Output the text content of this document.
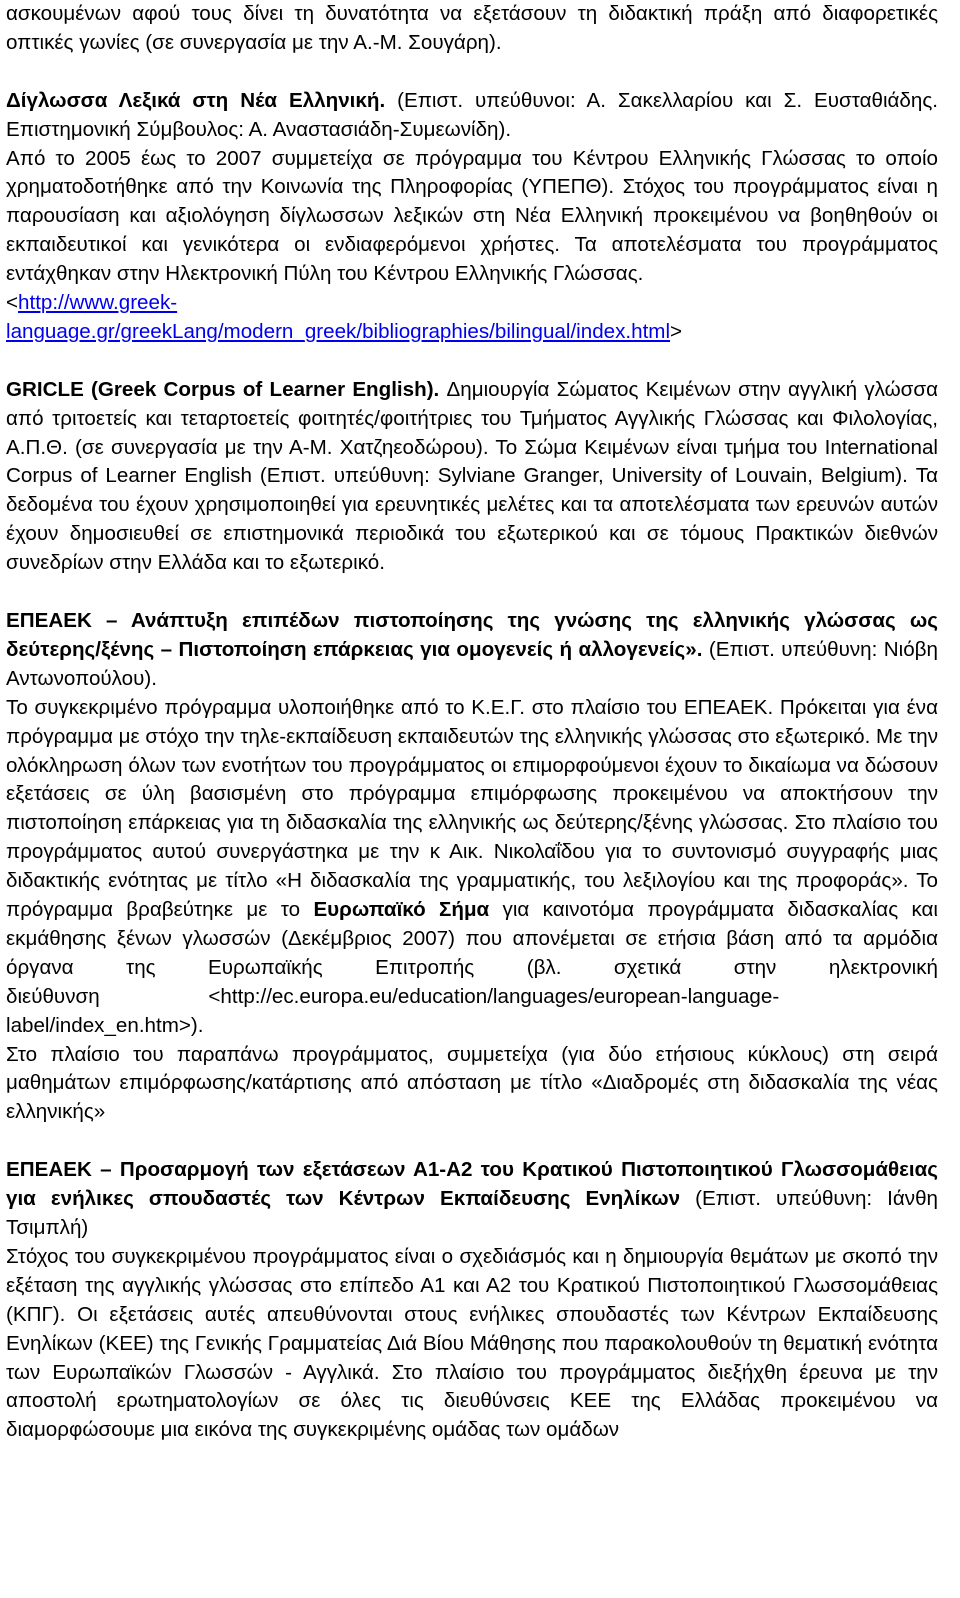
ασκουμένων αφού τους δίνει τη δυνατότητα να εξετάσουν τη διδακτική πράξη από διαφορετικές οπτικές γωνίες (σε συνεργασία με την Α.-Μ. Σουγάρη).

Δίγλωσσα Λεξικά στη Νέα Ελληνική. (Επιστ. υπεύθυνοι: Α. Σακελλαρίου και Σ. Ευσταθιάδης. Επιστημονική Σύμβουλος: Α. Αναστασιάδη-Συμεωνίδη).

Από το 2005 έως το 2007 συμμετείχα σε πρόγραμμα του Κέντρου Ελληνικής Γλώσσας το οποίο χρηματοδοτήθηκε από την Κοινωνία της Πληροφορίας (ΥΠΕΠΘ). Στόχος του προγράμματος είναι η παρουσίαση και αξιολόγηση δίγλωσσων λεξικών στη Νέα Ελληνική προκειμένου να βοηθηθούν οι εκπαιδευτικοί και γενικότερα οι ενδιαφερόμενοι χρήστες. Τα αποτελέσματα του προγράμματος εντάχθηκαν στην Ηλεκτρονική Πύλη του Κέντρου Ελληνικής Γλώσσας.

<http://www.greek-
language.gr/greekLang/modern_greek/bibliographies/bilingual/index.html>

GRICLE (Greek Corpus of Learner English). Δημιουργία Σώματος Κειμένων στην αγγλική γλώσσα από τριτοετείς και τεταρτοετείς φοιτητές/φοιτήτριες του Τμήματος Αγγλικής Γλώσσας και Φιλολογίας, Α.Π.Θ. (σε συνεργασία με την Α-Μ. Χατζηεοδώρου). Το Σώμα Κειμένων είναι τμήμα του International Corpus of Learner English (Επιστ. υπεύθυνη: Sylviane Granger, University of Louvain, Belgium). Τα δεδομένα του έχουν χρησιμοποιηθεί για ερευνητικές μελέτες και τα αποτελέσματα των ερευνών αυτών έχουν δημοσιευθεί σε επιστημονικά περιοδικά του εξωτερικού και σε τόμους Πρακτικών διεθνών συνεδρίων στην Ελλάδα και το εξωτερικό.

ΕΠΕΑΕΚ – Ανάπτυξη επιπέδων πιστοποίησης της γνώσης της ελληνικής γλώσσας ως δεύτερης/ξένης – Πιστοποίηση επάρκειας για ομογενείς ή αλλογενείς». (Επιστ. υπεύθυνη: Νιόβη Αντωνοπούλου).

Το συγκεκριμένο πρόγραμμα υλοποιήθηκε από το Κ.Ε.Γ. στο πλαίσιο του ΕΠΕΑΕΚ. Πρόκειται για ένα πρόγραμμα με στόχο την τηλε-εκπαίδευση εκπαιδευτών της ελληνικής γλώσσας στο εξωτερικό. Με την ολόκληρωση όλων των ενοτήτων του προγράμματος οι επιμορφούμενοι έχουν το δικαίωμα να δώσουν εξετάσεις σε ύλη βασισμένη στο πρόγραμμα επιμόρφωσης προκειμένου να αποκτήσουν την πιστοποίηση επάρκειας για τη διδασκαλία της ελληνικής ως δεύτερης/ξένης γλώσσας. Στο πλαίσιο του προγράμματος αυτού συνεργάστηκα με την κ Αικ. Νικολαΐδου για το συντονισμό συγγραφής μιας διδακτικής ενότητας με τίτλο «Η διδασκαλία της γραμματικής, του λεξιλογίου και της προφοράς». Το πρόγραμμα βραβεύτηκε με το Ευρωπαϊκό Σήμα για καινοτόμα προγράμματα διδασκαλίας και εκμάθησης ξένων γλωσσών (Δεκέμβριος 2007) που απονέμεται σε ετήσια βάση από τα αρμόδια όργανα της Ευρωπαϊκής Επιτροπής (βλ. σχετικά στην ηλεκτρονική διεύθυνση	<http://ec.europa.eu/education/languages/european-language-

label/index_en.htm>).

Στο πλαίσιο του παραπάνω προγράμματος, συμμετείχα (για δύο ετήσιους κύκλους) στη σειρά μαθημάτων επιμόρφωσης/κατάρτισης από απόσταση με τίτλο «Διαδρομές στη διδασκαλία της νέας ελληνικής»

ΕΠΕΑΕΚ – Προσαρμογή των εξετάσεων Α1-Α2 του Κρατικού Πιστοποιητικού Γλωσσομάθειας για ενήλικες σπουδαστές των Κέντρων Εκπαίδευσης Ενηλίκων (Επιστ. υπεύθυνη: Ιάνθη Τσιμπλή)

Στόχος του συγκεκριμένου προγράμματος είναι ο σχεδιάσμός και η δημιουργία θεμάτων με σκοπό την εξέταση της αγγλικής γλώσσας στο επίπεδο Α1 και Α2 του Κρατικού Πιστοποιητικού Γλωσσομάθειας (ΚΠΓ). Οι εξετάσεις αυτές απευθύνονται στους ενήλικες σπουδαστές των Κέντρων Εκπαίδευσης Ενηλίκων (ΚΕΕ) της Γενικής Γραμματείας Διά Βίου Μάθησης που παρακολουθούν τη θεματική ενότητα των Ευρωπαϊκών Γλωσσών - Αγγλικά. Στο πλαίσιο του προγράμματος διεξήχθη έρευνα με την αποστολή ερωτηματολογίων σε όλες τις διευθύνσεις ΚΕΕ της Ελλάδας προκειμένου να διαμορφώσουμε μια εικόνα της συγκεκριμένης ομάδας των ομάδων
